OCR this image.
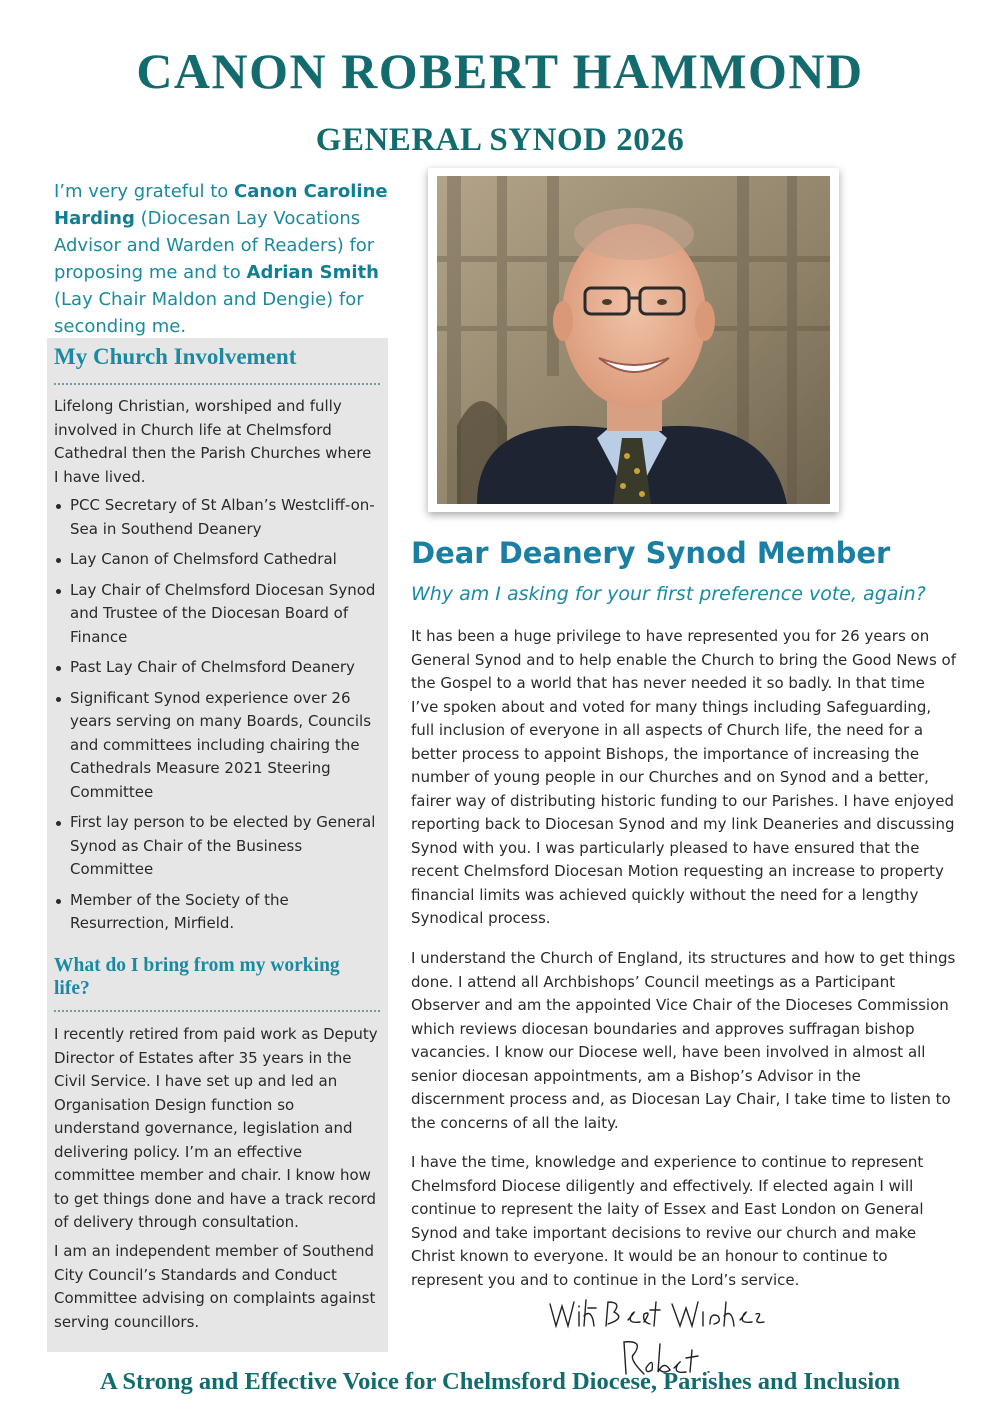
CANON ROBERT HAMMOND
GENERAL SYNOD 2026

I’m very grateful to Canon Caroline Harding (Diocesan Lay Vocations Advisor and Warden of Readers) for proposing me and to Adrian Smith (Lay Chair Maldon and Dengie) for seconding me.

My Church Involvement

Lifelong Christian, worshiped and fully involved in Church life at Chelmsford Cathedral then the Parish Churches where I have lived.

PCC Secretary of St Alban’s Westcliff-on-Sea in Southend Deanery
Lay Canon of Chelmsford Cathedral
Lay Chair of Chelmsford Diocesan Synod and Trustee of the Diocesan Board of Finance
Past Lay Chair of Chelmsford Deanery
Significant Synod experience over 26 years serving on many Boards, Councils and committees including chairing the Cathedrals Measure 2021 Steering Committee
First lay person to be elected by General Synod as Chair of the Business Committee
Member of the Society of the Resurrection, Mirfield.
What do I bring from my working life?

I recently retired from paid work as Deputy Director of Estates after 35 years in the Civil Service. I have set up and led an Organisation Design function so understand governance, legislation and delivering policy. I’m an effective committee member and chair. I know how to get things done and have a track record of delivery through consultation.

I am an independent member of Southend City Council’s Standards and Conduct Committee advising on complaints against serving councillors.

Dear Deanery Synod Member

Why am I asking for your first preference vote, again?

It has been a huge privilege to have represented you for 26 years on General Synod and to help enable the Church to bring the Good News of the Gospel to a world that has never needed it so badly. In that time I’ve spoken about and voted for many things including Safeguarding, full inclusion of everyone in all aspects of Church life, the need for a better process to appoint Bishops, the importance of increasing the number of young people in our Churches and on Synod and a better, fairer way of distributing historic funding to our Parishes. I have enjoyed reporting back to Diocesan Synod and my link Deaneries and discussing Synod with you. I was particularly pleased to have ensured that the recent Chelmsford Diocesan Motion requesting an increase to property financial limits was achieved quickly without the need for a lengthy Synodical process.

I understand the Church of England, its structures and how to get things done. I attend all Archbishops’ Council meetings as a Participant Observer and am the appointed Vice Chair of the Dioceses Commission which reviews diocesan boundaries and approves suffragan bishop vacancies. I know our Diocese well, have been involved in almost all senior diocesan appointments, am a Bishop’s Advisor in the discernment process and, as Diocesan Lay Chair, I take time to listen to the concerns of all the laity.

I have the time, knowledge and experience to continue to represent Chelmsford Diocese diligently and effectively. If elected again I will continue to represent the laity of Essex and East London on General Synod and take important decisions to revive our church and make Christ known to everyone. It would be an honour to continue to represent you and to continue in the Lord’s service.

A Strong and Effective Voice for Chelmsford Diocese, Parishes and Inclusion
